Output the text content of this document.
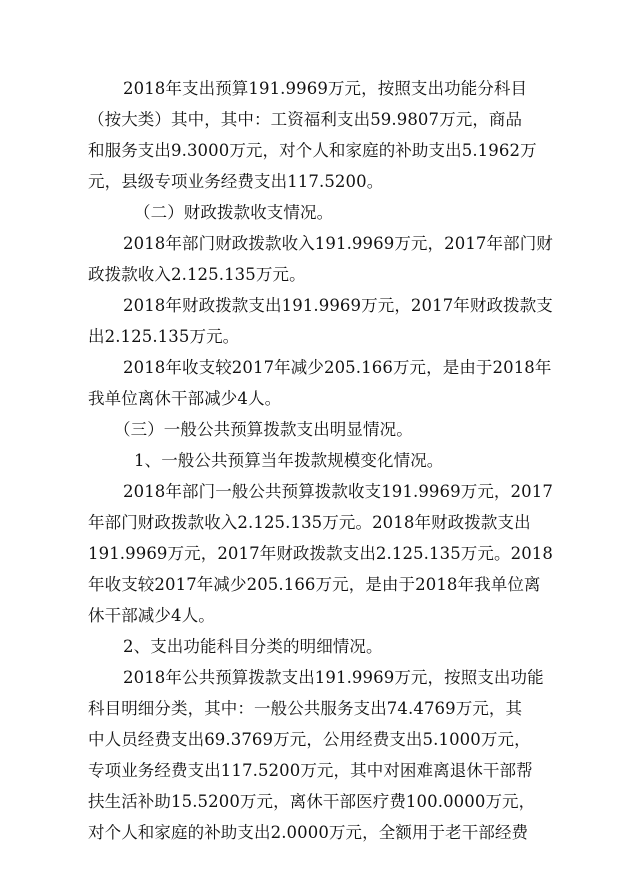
2018年支出预算191.9969万元，按照支出功能分科目
（按大类）其中，其中：工资福利支出59.9807万元，商品
和服务支出9.3000万元，对个人和家庭的补助支出5.1962万
元，县级专项业务经费支出117.5200。
（二）财政拨款收支情况。
2018年部门财政拨款收入191.9969万元，2017年部门财
政拨款收入2.125.135万元。
2018年财政拨款支出191.9969万元，2017年财政拨款支
出2.125.135万元。
2018年收支较2017年减少205.166万元，是由于2018年
我单位离休干部减少4人。
（三）一般公共预算拨款支出明显情况。
1、一般公共预算当年拨款规模变化情况。
2018年部门一般公共预算拨款收支191.9969万元，2017
年部门财政拨款收入2.125.135万元。2018年财政拨款支出
191.9969万元，2017年财政拨款支出2.125.135万元。2018
年收支较2017年减少205.166万元，是由于2018年我单位离
休干部减少4人。
2、支出功能科目分类的明细情况。
2018年公共预算拨款支出191.9969万元，按照支出功能
科目明细分类，其中：一般公共服务支出74.4769万元，其
中人员经费支出69.3769万元，公用经费支出5.1000万元，
专项业务经费支出117.5200万元，其中对困难离退休干部帮
扶生活补助15.5200万元，离休干部医疗费100.0000万元，
对个人和家庭的补助支出2.0000万元，全额用于老干部经费
